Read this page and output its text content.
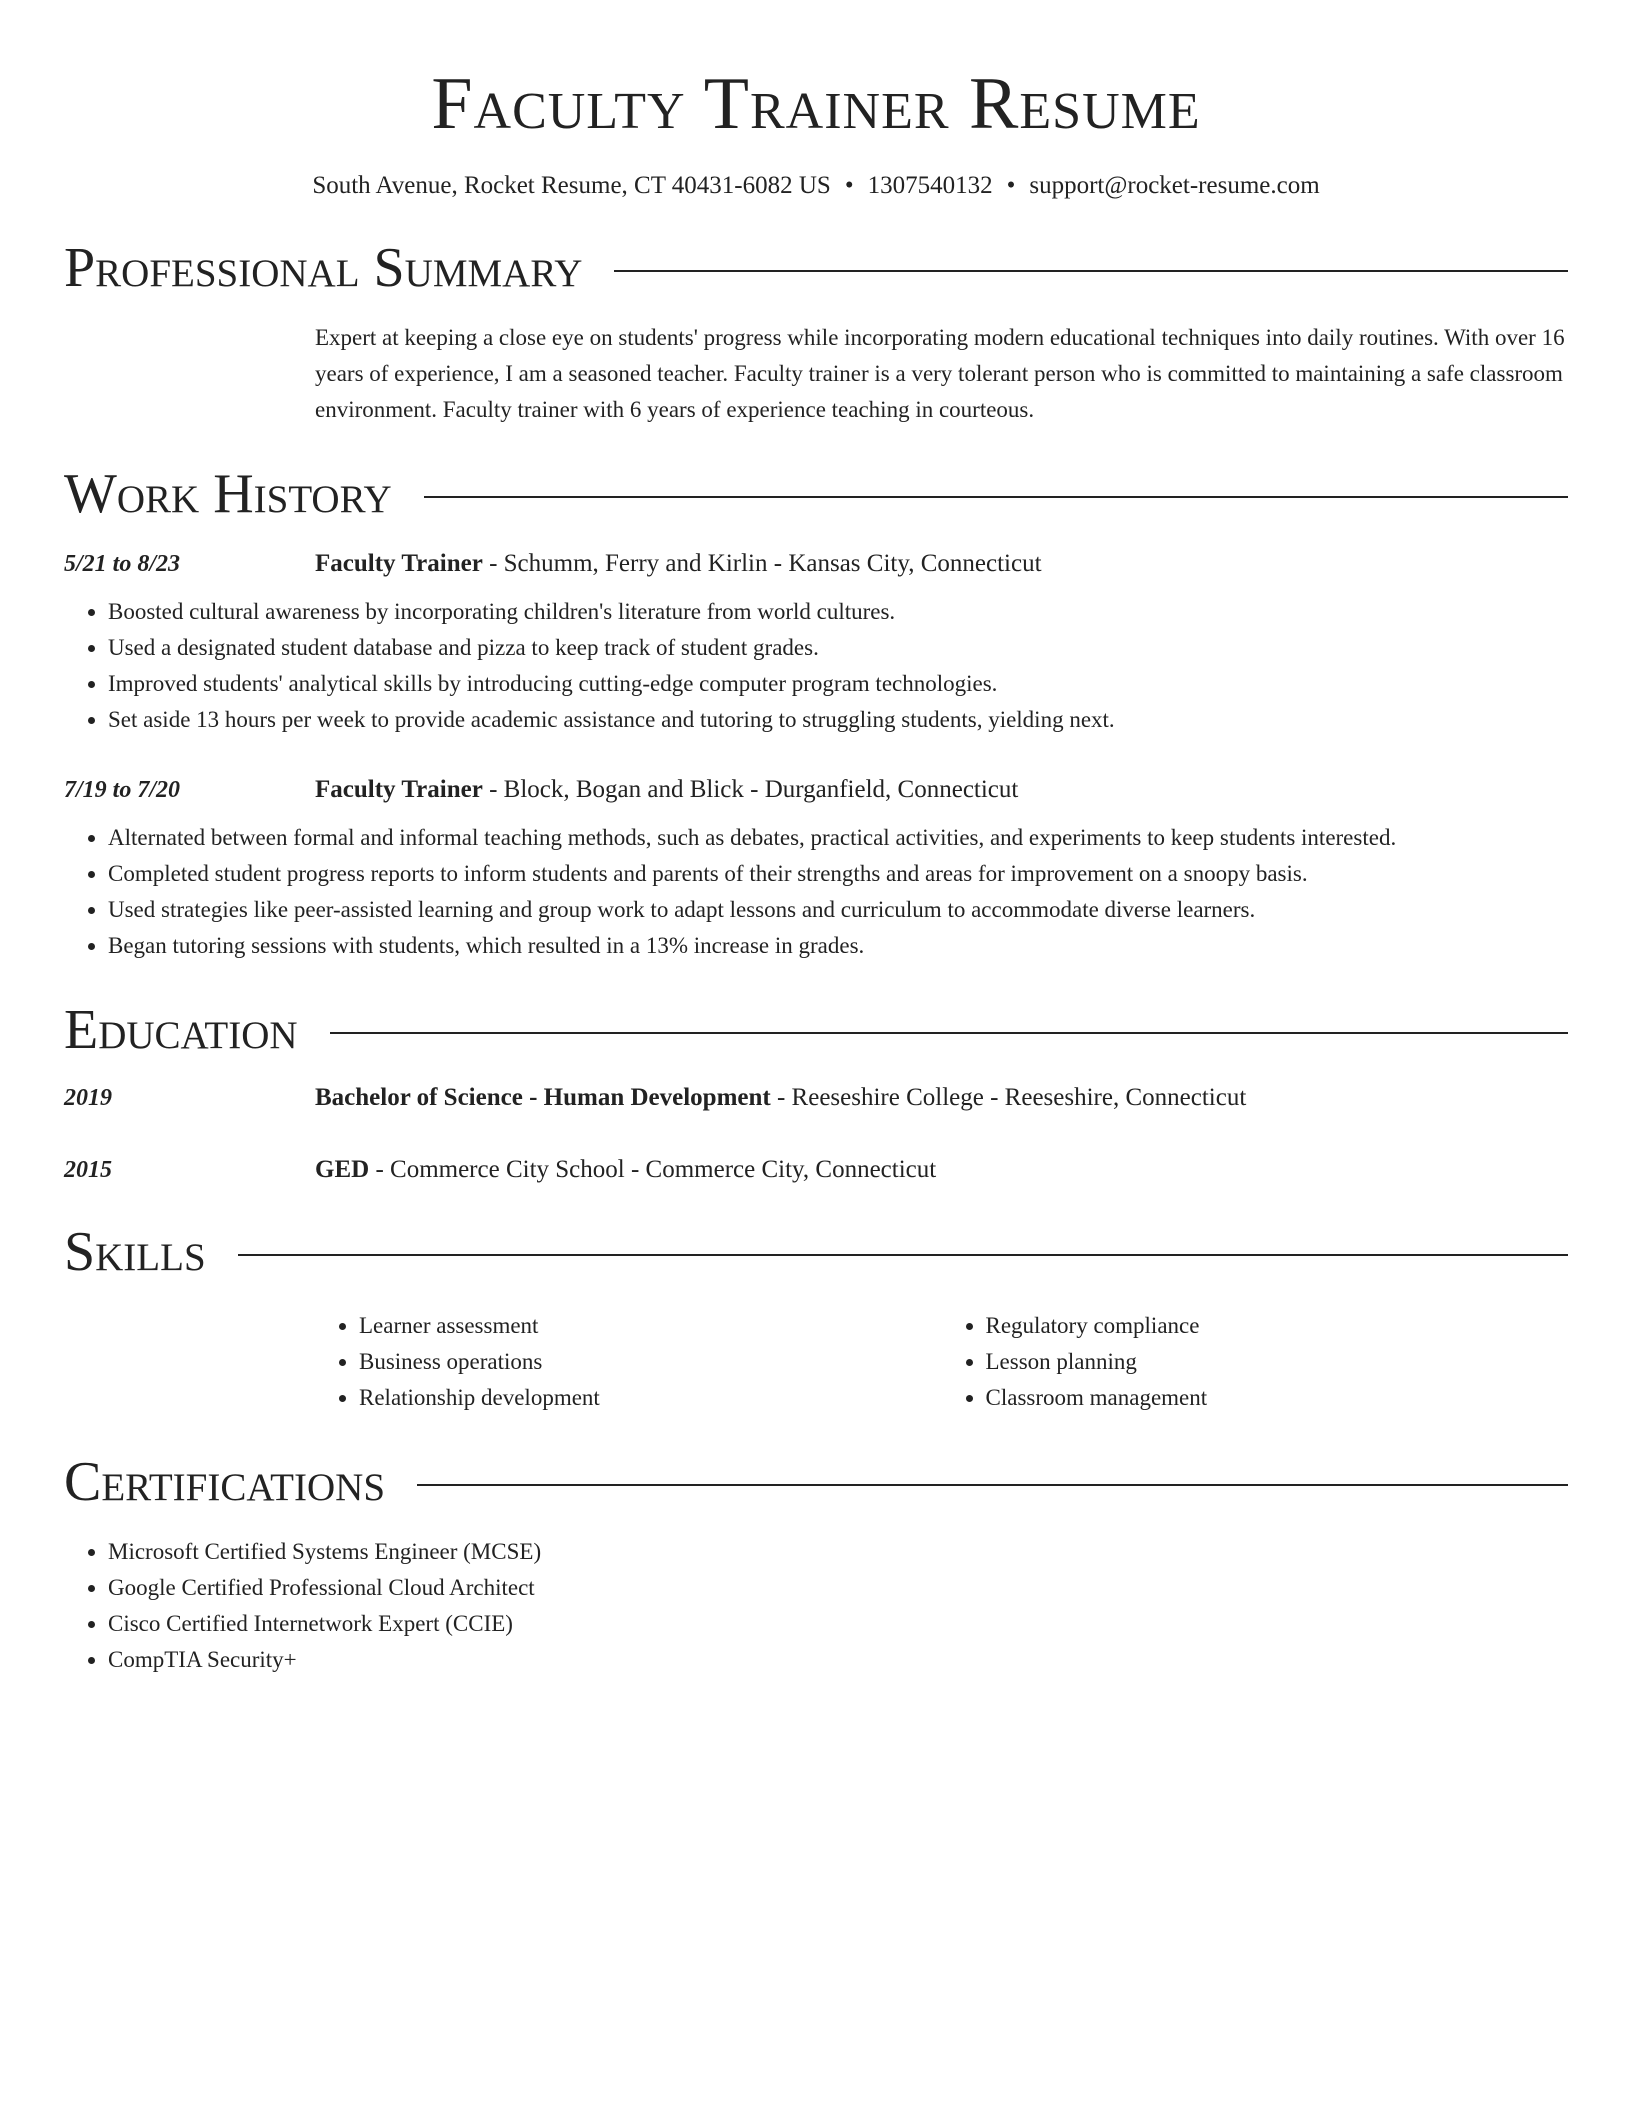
Faculty Trainer Resume
South Avenue, Rocket Resume, CT 40431-6082 US • 1307540132 • support@rocket-resume.com
Professional Summary

Expert at keeping a close eye on students' progress while incorporating modern educational techniques into daily routines. With over 16 years of experience, I am a seasoned teacher. Faculty trainer is a very tolerant person who is committed to maintaining a safe classroom environment. Faculty trainer with 6 years of experience teaching in courteous.

Work History
5/21 to 8/23	Faculty Trainer - Schumm, Ferry and Kirlin - Kansas City, Connecticut
• Boosted cultural awareness by incorporating children's literature from world cultures.
• Used a designated student database and pizza to keep track of student grades.
• Improved students' analytical skills by introducing cutting-edge computer program technologies.
• Set aside 13 hours per week to provide academic assistance and tutoring to struggling students, yielding next.
7/19 to 7/20	Faculty Trainer - Block, Bogan and Blick - Durganfield, Connecticut
• Alternated between formal and informal teaching methods, such as debates, practical activities, and experiments to keep students interested.
• Completed student progress reports to inform students and parents of their strengths and areas for improvement on a snoopy basis.
• Used strategies like peer-assisted learning and group work to adapt lessons and curriculum to accommodate diverse learners.
• Began tutoring sessions with students, which resulted in a 13% increase in grades.
Education
2019	Bachelor of Science - Human Development - Reeseshire College - Reeseshire, Connecticut
2015	GED - Commerce City School - Commerce City, Connecticut
Skills
• Learner assessment
• Business operations
• Relationship development
• Regulatory compliance
• Lesson planning
• Classroom management
Certifications
• Microsoft Certified Systems Engineer (MCSE)
• Google Certified Professional Cloud Architect
• Cisco Certified Internetwork Expert (CCIE)
• CompTIA Security+
